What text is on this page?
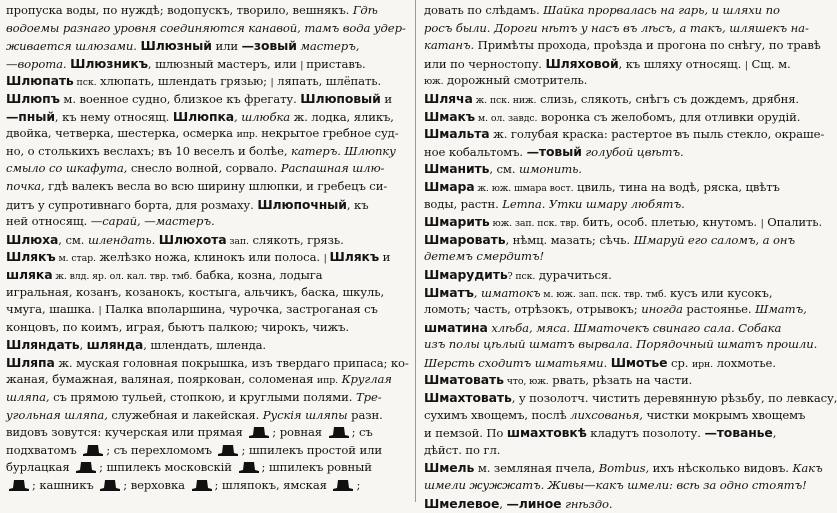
пропуска воды, по нуждѣ; водопускъ, творило, вешнякъ. Гдѣ
водоемы разнаго уровня соединяются канавой, тамъ вода удер-
живается шлюзами. Шлюзный или —зовый мастеръ,
—ворота. Шлюзникъ, шлюзный мастеръ, или | приставъ.
Шлюпать пск. хлюпать, шлендать грязью; | ляпать, шлёпать.
Шлюпъ м. военное судно, близкое къ фрегату. Шлюповый и
—пный, къ нему относящ. Шлюпка, шлюбка ж. лодка, яликъ,
двойка, четверка, шестерка, осмерка ипр. некрытое гребное суд-
но, о столькихъ веслахъ; въ 10 веселъ и болѣе, катеръ. Шлюпку
смыло со шкафута, снесло волной, сорвало. Распашная шлю-
почка, гдѣ валекъ весла во всю ширину шлюпки, и гребецъ си-
дитъ у супротивнаго борта, для розмаху. Шлюпочный, къ
ней относящ. —сарай, —мастеръ.
Шлюха, см. шлендать. Шлюхота зап. слякоть, грязь.
Шлякъ м. стар. желѣзко ножа, клинокъ или полоса. | Шлякъ и
шляка ж. влд. яр. ол. кал. твр. тмб. бабка, козна, лодыга
игральная, козанъ, козанокъ, костыга, альчикъ, баска, шкуль,
чмуга, шашка. | Палка вполаршина, чурочка, застроганая съ
концовъ, по коимъ, играя, бьютъ палкою; чирокъ, чижъ.
Шляндать, шлянда, шлендать, шленда.
Шляпа ж. муская головная покрышка, изъ твердаго припаса; ко-
жаная, бумажная, валяная, пояркован, соломеная ипр. Круглая
шляпа, съ прямою тульей, стопкою, и круглыми полями. Тре-
угольная шляпа, служебная и лакейская. Рускія шляпы разн.
видовъ зовутся: кучерская или прямая ; ровная ; съ
подхватомъ ; съ перехломомъ ; шпилекъ простой или
бурлацкая ; шпилекъ московскій ; шпилекъ ровный
; кашникъ ; верховка ; шляпокъ, ямская ;
довать по слѣдамъ. Шайка прорвалась на гарь, и шляхи по
росъ были. Дороги нѣтъ у насъ въ лѣсъ, а такъ, шляшекъ на-
катанъ. Примѣты прохода, проѣзда и прогона по снѣгу, по травѣ
или по черностопу. Шляховой, къ шляху относящ. | Сщ. м.
юж. дорожный смотритель.
Шляча ж. пск. ниж. слизь, слякоть, снѣгъ съ дождемъ, дрябня.
Шмакъ м. ол. завдс. воронка съ желобомъ, для отливки орудій.
Шмальта ж. голубая краска: растертое въ пыль стекло, окраше-
ное кобальтомъ. —товый голубой цвѣтъ.
Шманить, см. шмонить.
Шмара ж. юж. шмара вост. цвиль, тина на водѣ, ряска, цвѣтъ
воды, растн. Lemna. Утки шмару любятъ.
Шмарить юж. зап. пск. твр. бить, особ. плетью, кнутомъ. | Опалить.
Шмаровать, нѣмц. мазать; сѣчь. Шмаруй его саломъ, а онъ
детемъ смердитъ!
Шмарудить? пск. дурачиться.
Шматъ, шматокъ м. юж. зап. пск. твр. тмб. кусъ или кусокъ,
ломоть; часть, отрѣзокъ, отрывокъ; иногда растоянье. Шматъ,
шматина хлѣба, мяса. Шматочекъ свинаго сала. Собака
изъ полы цѣлый шматъ вырвала. Порядочный шматъ прошли.
Шерсть сходитъ шматьями. Шмотье ср. ирн. лохмотье.
Шматовать что, юж. рвать, рѣзать на части.
Шмахтовать, у позолотч. чистить деревянную рѣзьбу, по левкасу,
сухимъ хвощемъ, послѣ лихсованья, чистки мокрымъ хвощемъ
и пемзой. По шмахтовкѣ кладутъ позолоту. —тованье,
дѣйст. по гл.
Шмель м. земляная пчела, Bombus, ихъ нѣсколько видовъ. Какъ
шмели жужжатъ. Живы—какъ шмели: всѣ за одно стоятъ!
Шмелевое, —линое гнѣздо.
